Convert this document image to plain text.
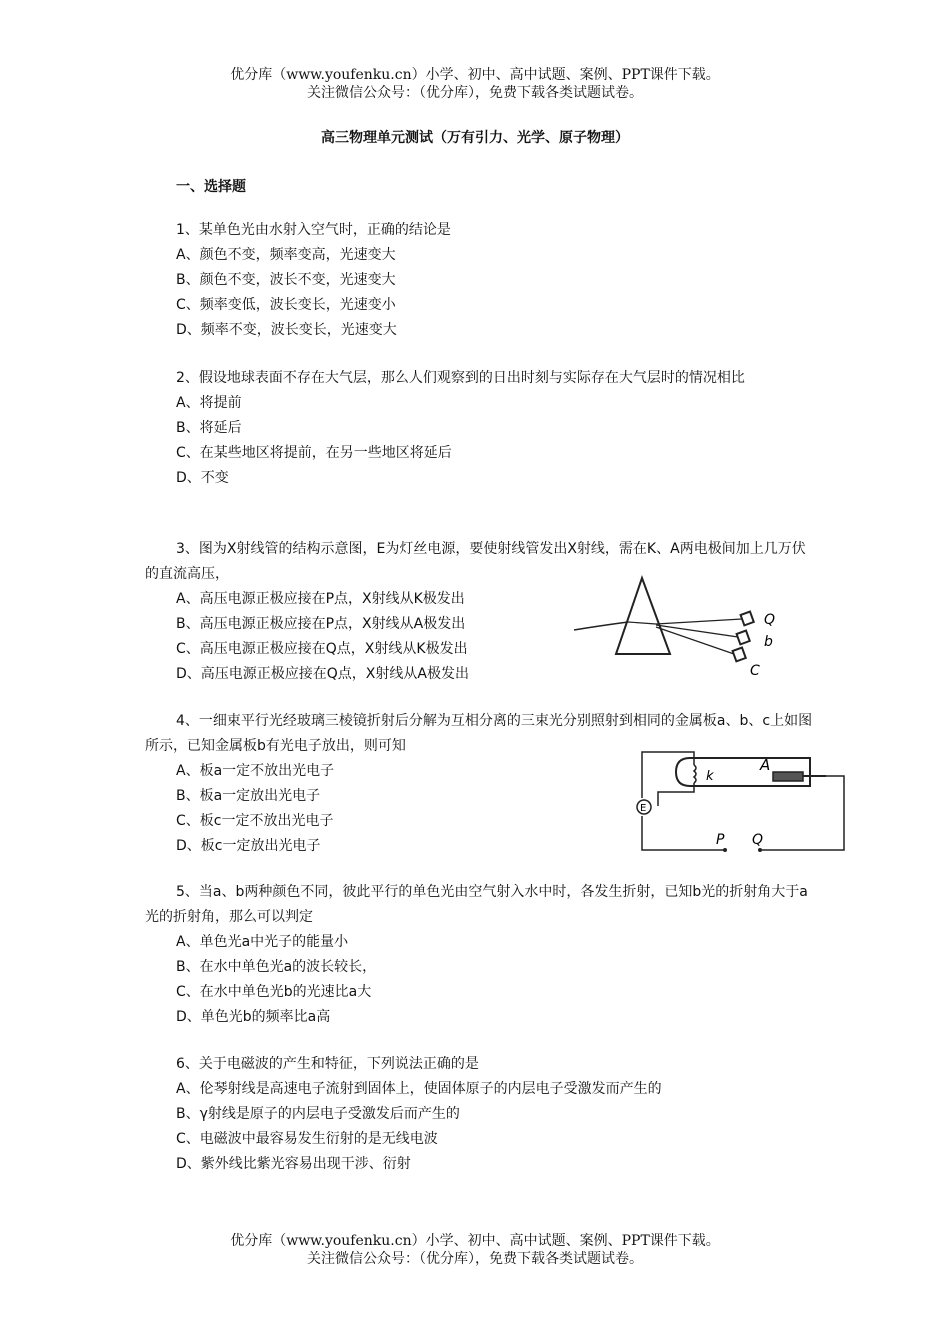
优分库（www.youfenku.cn）小学、初中、高中试题、案例、PPT课件下载。
关注微信公众号：（优分库），免费下载各类试题试卷。
高三物理单元测试（万有引力、光学、原子物理）
一、选择题
1、某单色光由水射入空气时，正确的结论是
A、颜色不变，频率变高，光速变大
B、颜色不变，波长不变，光速变大
C、频率变低，波长变长，光速变小
D、频率不变，波长变长，光速变大
2、假设地球表面不存在大气层，那么人们观察到的日出时刻与实际存在大气层时的情况相比
A、将提前
B、将延后
C、在某些地区将提前，在另一些地区将延后
D、不变
3、图为X射线管的结构示意图，E为灯丝电源，要使射线管发出X射线，需在K、A两电极间加上几万伏的直流高压，
A、高压电源正极应接在P点，X射线从K极发出
B、高压电源正极应接在P点，X射线从A极发出
C、高压电源正极应接在Q点，X射线从K极发出
D、高压电源正极应接在Q点，X射线从A极发出
4、一细束平行光经玻璃三棱镜折射后分解为互相分离的三束光分别照射到相同的金属板a、b、c上如图所示，已知金属板b有光电子放出，则可知
A、板a一定不放出光电子
B、板a一定放出光电子
C、板c一定不放出光电子
D、板c一定放出光电子
5、当a、b两种颜色不同，彼此平行的单色光由空气射入水中时，各发生折射，已知b光的折射角大于a光的折射角，那么可以判定
A、单色光a中光子的能量小
B、在水中单色光a的波长较长，
C、在水中单色光b的光速比a大
D、单色光b的频率比a高
6、关于电磁波的产生和特征，下列说法正确的是
A、伦琴射线是高速电子流射到固体上，使固体原子的内层电子受激发而产生的
B、γ射线是原子的内层电子受激发后而产生的
C、电磁波中最容易发生衍射的是无线电波
D、紫外线比紫光容易出现干涉、衍射
Q
b
C
k
A
E
P Q
优分库（www.youfenku.cn）小学、初中、高中试题、案例、PPT课件下载。
关注微信公众号：（优分库），免费下载各类试题试卷。
